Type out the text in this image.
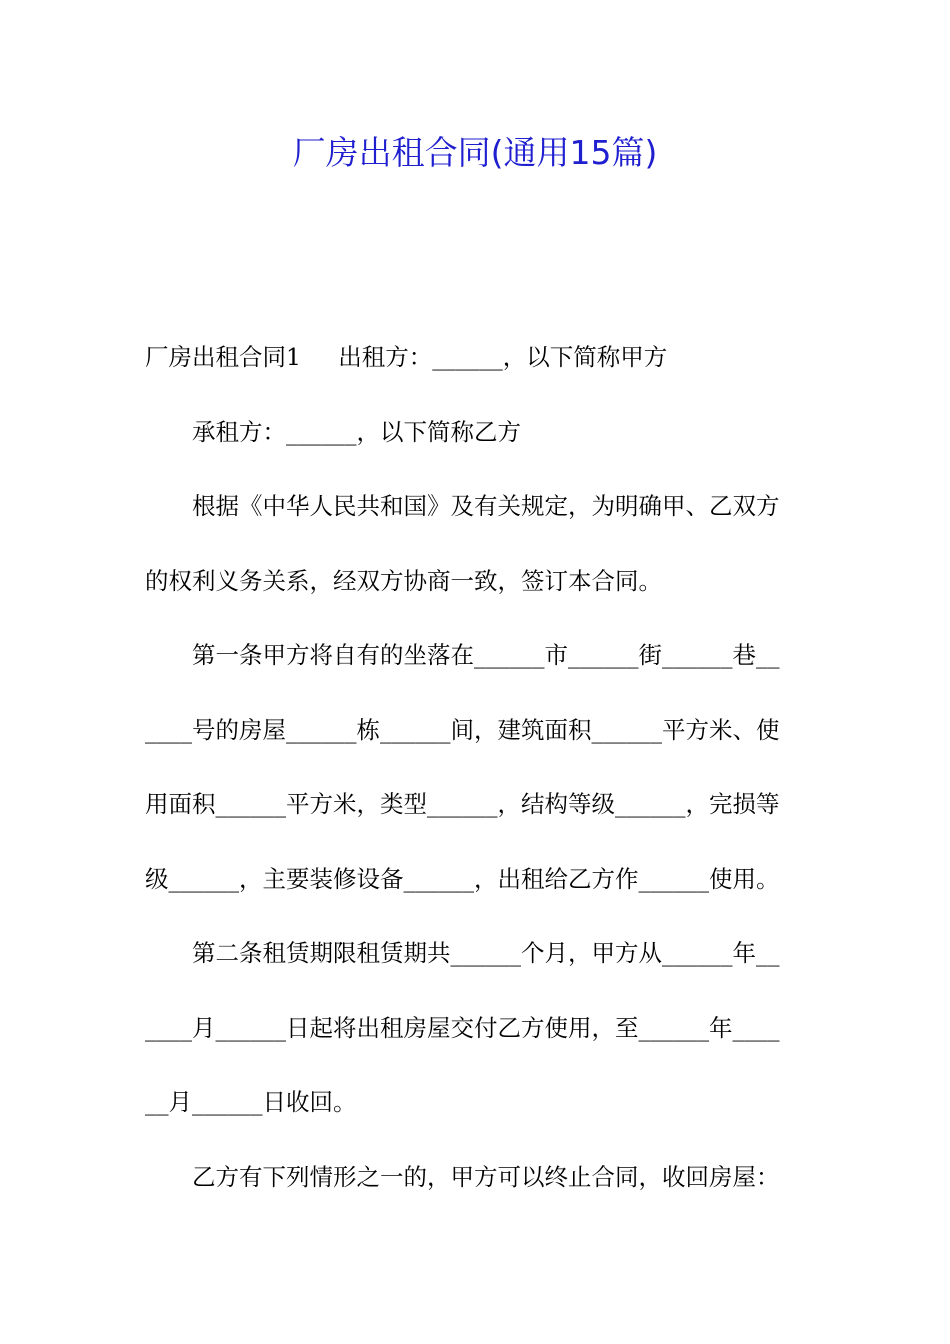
厂房出租合同(通用15篇)
厂房出租合同1     出租方：______，以下简称甲方
承租方：______，以下简称乙方
根据《中华人民共和国》及有关规定，为明确甲、乙双方
的权利义务关系，经双方协商一致，签订本合同。
第一条甲方将自有的坐落在______市______街______巷__
____号的房屋______栋______间，建筑面积______平方米、使
用面积______平方米，类型______，结构等级______，完损等
级______，主要装修设备______，出租给乙方作______使用。
第二条租赁期限租赁期共______个月，甲方从______年__
____月______日起将出租房屋交付乙方使用，至______年____
__月______日收回。
乙方有下列情形之一的，甲方可以终止合同，收回房屋：
